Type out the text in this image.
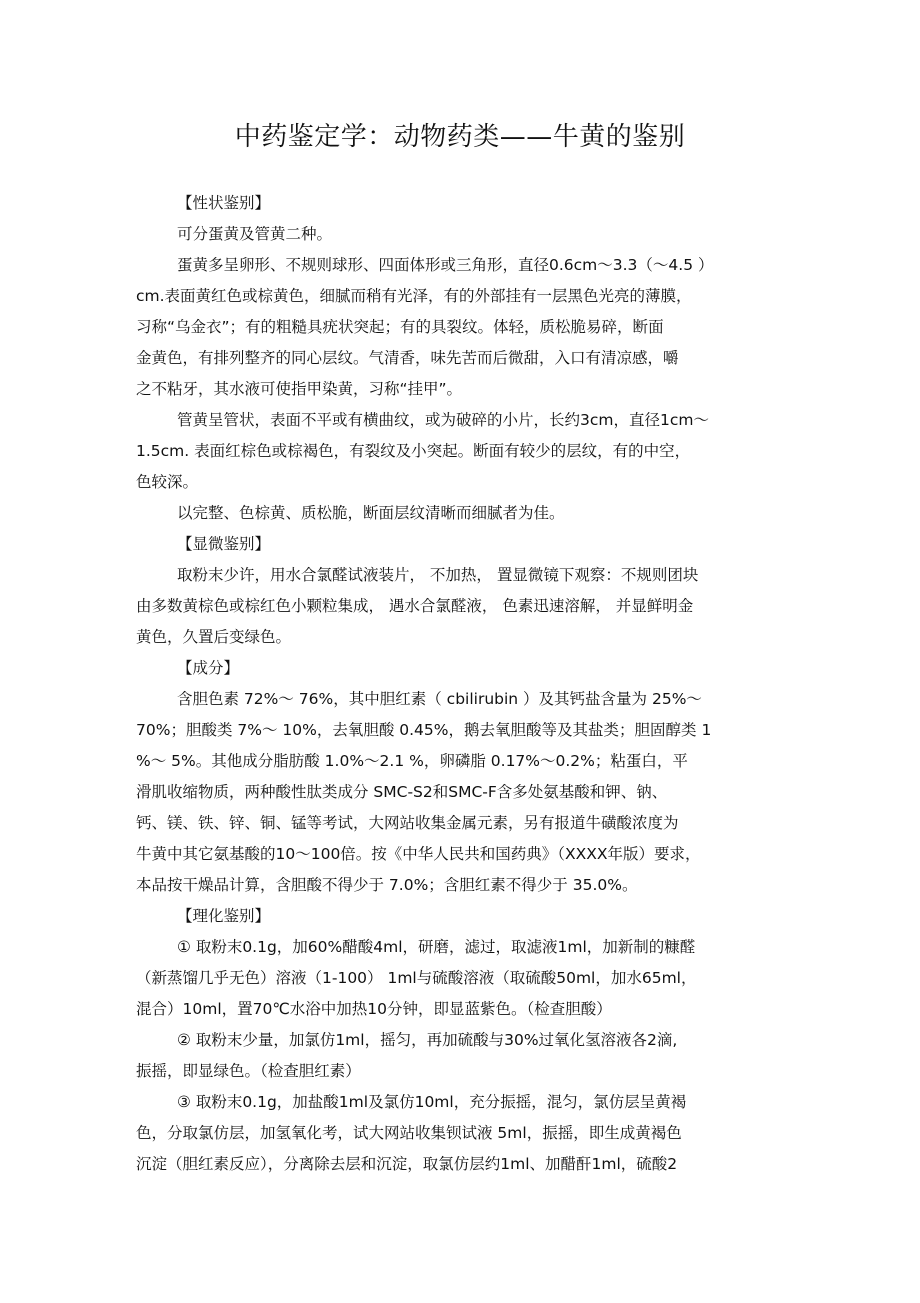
中药鉴定学：动物药类——牛黄的鉴别
【性状鉴别】
可分蛋黄及管黄二种。
蛋黄多呈卵形、不规则球形、四面体形或三角形，直径0.6cm～3.3（～4.5 ）
cm.表面黄红色或棕黄色，细腻而稍有光泽，有的外部挂有一层黑色光亮的薄膜，
习称“乌金衣”；有的粗糙具疣状突起；有的具裂纹。体轻，质松脆易碎，断面
金黄色，有排列整齐的同心层纹。气清香，味先苦而后微甜，入口有清凉感，嚼
之不粘牙，其水液可使指甲染黄，习称“挂甲”。
管黄呈管状，表面不平或有横曲纹，或为破碎的小片，长约3cm，直径1cm～
1.5cm. 表面红棕色或棕褐色，有裂纹及小突起。断面有较少的层纹，有的中空，
色较深。
以完整、色棕黄、质松脆，断面层纹清晰而细腻者为佳。
【显微鉴别】
取粉末少许，用水合氯醛试液装片， 不加热， 置显微镜下观察：不规则团块
由多数黄棕色或棕红色小颗粒集成， 遇水合氯醛液， 色素迅速溶解， 并显鲜明金
黄色，久置后变绿色。
【成分】
含胆色素 72%～ 76%，其中胆红素（ cbilirubin ）及其钙盐含量为 25%～
70%；胆酸类 7%～ 10%，去氧胆酸 0.45%，鹅去氧胆酸等及其盐类；胆固醇类 1
%～ 5%。其他成分脂肪酸 1.0%～2.1 %，卵磷脂 0.17%～0.2%；粘蛋白，平
滑肌收缩物质，两种酸性肽类成分 SMC-S2和SMC-F含多处氨基酸和钾、钠、
钙、镁、铁、锌、铜、锰等考试，大网站收集金属元素，另有报道牛磺酸浓度为
牛黄中其它氨基酸的10～100倍。按《中华人民共和国药典》（XXXX年版）要求，
本品按干燥品计算，含胆酸不得少于 7.0%；含胆红素不得少于 35.0%。
【理化鉴别】
① 取粉末0.1g，加60%醋酸4ml，研磨，滤过，取滤液1ml，加新制的糠醛
（新蒸馏几乎无色）溶液（1-100） 1ml与硫酸溶液（取硫酸50ml，加水65ml，
混合）10ml，置70℃水浴中加热10分钟，即显蓝紫色。（检查胆酸）
② 取粉末少量，加氯仿1ml，摇匀，再加硫酸与30%过氧化氢溶液各2滴,
振摇，即显绿色。（检查胆红素）
③ 取粉末0.1g，加盐酸1ml及氯仿10ml，充分振摇，混匀，氯仿层呈黄褐
色，分取氯仿层，加氢氧化考，试大网站收集钡试液 5ml，振摇，即生成黄褐色
沉淀（胆红素反应），分离除去层和沉淀，取氯仿层约1ml、加醋酐1ml，硫酸2
